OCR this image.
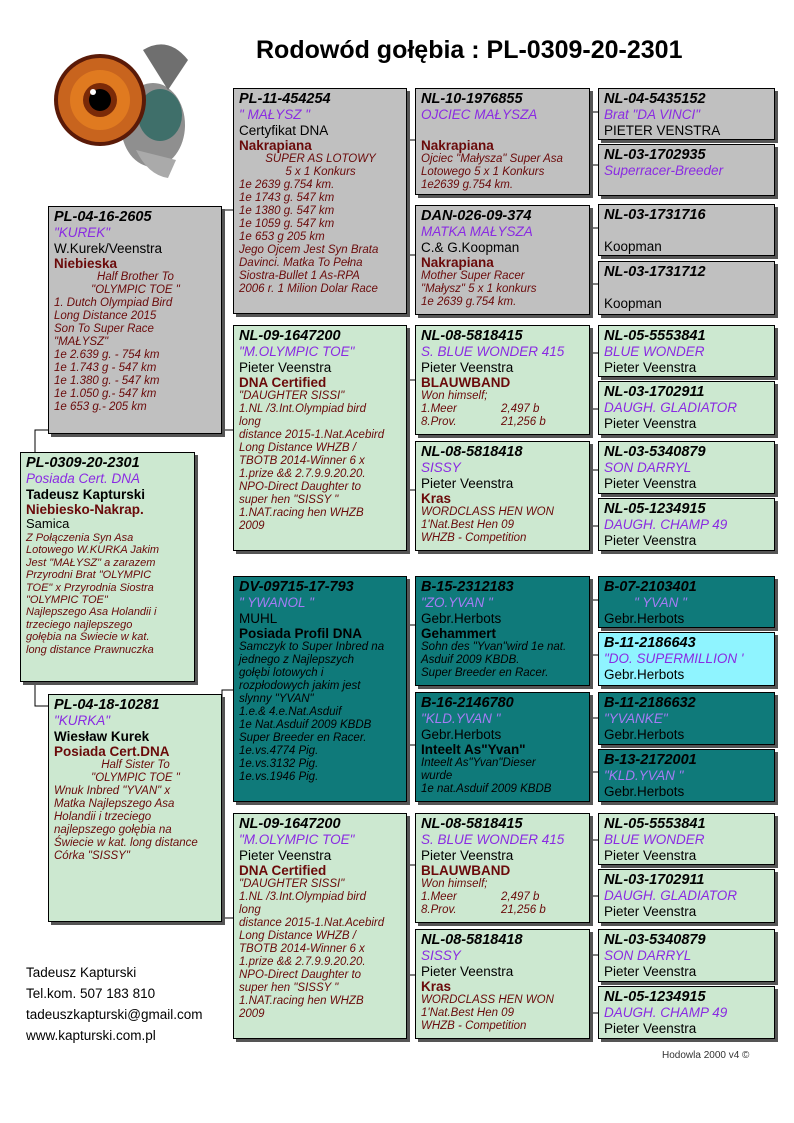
Rodowód gołębia : PL-0309-20-2301
PL-0309-20-2301
Posiada Cert. DNA
Tadeusz Kapturski
Niebiesko-Nakrap.
Samica
Z Połączenia Syn Asa
Lotowego W.KURKA Jakim
Jest "MAŁYSZ" a zarazem
Przyrodni Brat "OLYMPIC
TOE" x Przyrodnia Siostra
"OLYMPIC TOE"
Najlepszego Asa Holandii i
trzeciego najlepszego
gołębia na Świecie w kat.
long distance Prawnuczka
PL-04-16-2605
"KUREK"
W.Kurek/Veenstra
Niebieska
Half Brother To
"OLYMPIC TOE "
1. Dutch Olympiad Bird
Long Distance 2015
Son To Super Race
"MAŁYSZ"
1e 2.639 g. - 754 km
1e 1.743 g - 547 km
1e 1.380 g. - 547 km
1e 1.050 g.- 547 km
1e 653 g.- 205 km
PL-04-18-10281
"KURKA"
Wiesław Kurek
Posiada Cert.DNA
Half Sister To
"OLYMPIC TOE "
Wnuk Inbred "YVAN" x
Matka Najlepszego Asa
Holandii i trzeciego
najlepszego gołębia na
Świecie w kat. long distance
Córka "SISSY"
PL-11-454254
" MAŁYSZ "
Certyfikat DNA
Nakrapiana
SUPER AS LOTOWY
5 x 1 Konkurs
1e 2639 g.754 km.
1e 1743 g. 547 km
1e 1380 g. 547 km
1e 1059 g. 547 km
1e 653 g 205 km
Jego Ojcem Jest Syn Brata
Davinci. Matka To Pełna
Siostra-Bullet 1 As-RPA
2006 r. 1 Milion Dolar Race
NL-09-1647200
"M.OLYMPIC TOE"
Pieter Veenstra
DNA Certified
"DAUGHTER SISSI"
1.NL /3.Int.Olympiad bird
long
distance 2015-1.Nat.Acebird
Long Distance WHZB /
TBOTB 2014-Winner 6 x
1.prize && 2.7.9.9.20.20.
NPO-Direct Daughter to
super hen "SISSY "
1.NAT.racing hen WHZB
2009
DV-09715-17-793
" YWANOL "
MUHL
Posiada Profil DNA
Samczyk to Super Inbred na
jednego z Najlepszych
gołębi lotowych i
rozpłodowych jakim jest
slynny "YVAN"
1.e.& 4.e.Nat.Asduif
1e Nat.Asduif 2009 KBDB
Super Breeder en Racer.
1e.vs.4774 Pig.
1e.vs.3132 Pig.
1e.vs.1946 Pig.
NL-09-1647200
"M.OLYMPIC TOE"
Pieter Veenstra
DNA Certified
"DAUGHTER SISSI"
1.NL /3.Int.Olympiad bird
long
distance 2015-1.Nat.Acebird
Long Distance WHZB /
TBOTB 2014-Winner 6 x
1.prize && 2.7.9.9.20.20.
NPO-Direct Daughter to
super hen "SISSY "
1.NAT.racing hen WHZB
2009
NL-10-1976855
OJCIEC MAŁYSZA
Nakrapiana
Ojciec "Małysza" Super Asa
Lotowego 5 x 1 Konkurs
1e2639 g.754 km.
DAN-026-09-374
MATKA MAŁYSZA
C.& G.Koopman
Nakrapiana
Mother Super Racer
"Małysz" 5 x 1 konkurs
1e 2639 g.754 km.
NL-08-5818415
S. BLUE WONDER 415
Pieter Veenstra
BLAUWBAND
Won himself;
1.Meer	2,497 b
8.Prov.	21,256 b
NL-08-5818418
SISSY
Pieter Veenstra
Kras
WORDCLASS HEN WON
1'Nat.Best Hen 09
WHZB - Competition
B-15-2312183
"ZO.YVAN "
Gebr.Herbots
Gehammert
Sohn des "Yvan"wird 1e nat.
Asduif 2009 KBDB.
Super Breeder en Racer.
B-16-2146780
"KLD.YVAN "
Gebr.Herbots
Inteelt As"Yvan"
Inteelt As"Yvan"Dieser
wurde
1e nat.Asduif 2009 KBDB
NL-08-5818415
S. BLUE WONDER 415
Pieter Veenstra
BLAUWBAND
Won himself;
1.Meer	2,497 b
8.Prov.	21,256 b
NL-08-5818418
SISSY
Pieter Veenstra
Kras
WORDCLASS HEN WON
1'Nat.Best Hen 09
WHZB - Competition
NL-04-5435152
Brat "DA VINCI"
PIETER VENSTRA
NL-03-1702935
Superracer-Breeder
NL-03-1731716
Koopman
NL-03-1731712
Koopman
NL-05-5553841
BLUE WONDER
Pieter Veenstra
NL-03-1702911
DAUGH. GLADIATOR
Pieter Veenstra
NL-03-5340879
SON DARRYL
Pieter Veenstra
NL-05-1234915
DAUGH. CHAMP 49
Pieter Veenstra
B-07-2103401
" YVAN "
Gebr.Herbots
B-11-2186643
"DO. SUPERMILLION '
Gebr.Herbots
B-11-2186632
"YVANKE"
Gebr.Herbots
B-13-2172001
"KLD.YVAN "
Gebr.Herbots
NL-05-5553841
BLUE WONDER
Pieter Veenstra
NL-03-1702911
DAUGH. GLADIATOR
Pieter Veenstra
NL-03-5340879
SON DARRYL
Pieter Veenstra
NL-05-1234915
DAUGH. CHAMP 49
Pieter Veenstra
Tadeusz Kapturski
Tel.kom. 507 183 810
tadeuszkapturski@gmail.com
www.kapturski.com.pl
Hodowla 2000 v4 ©
